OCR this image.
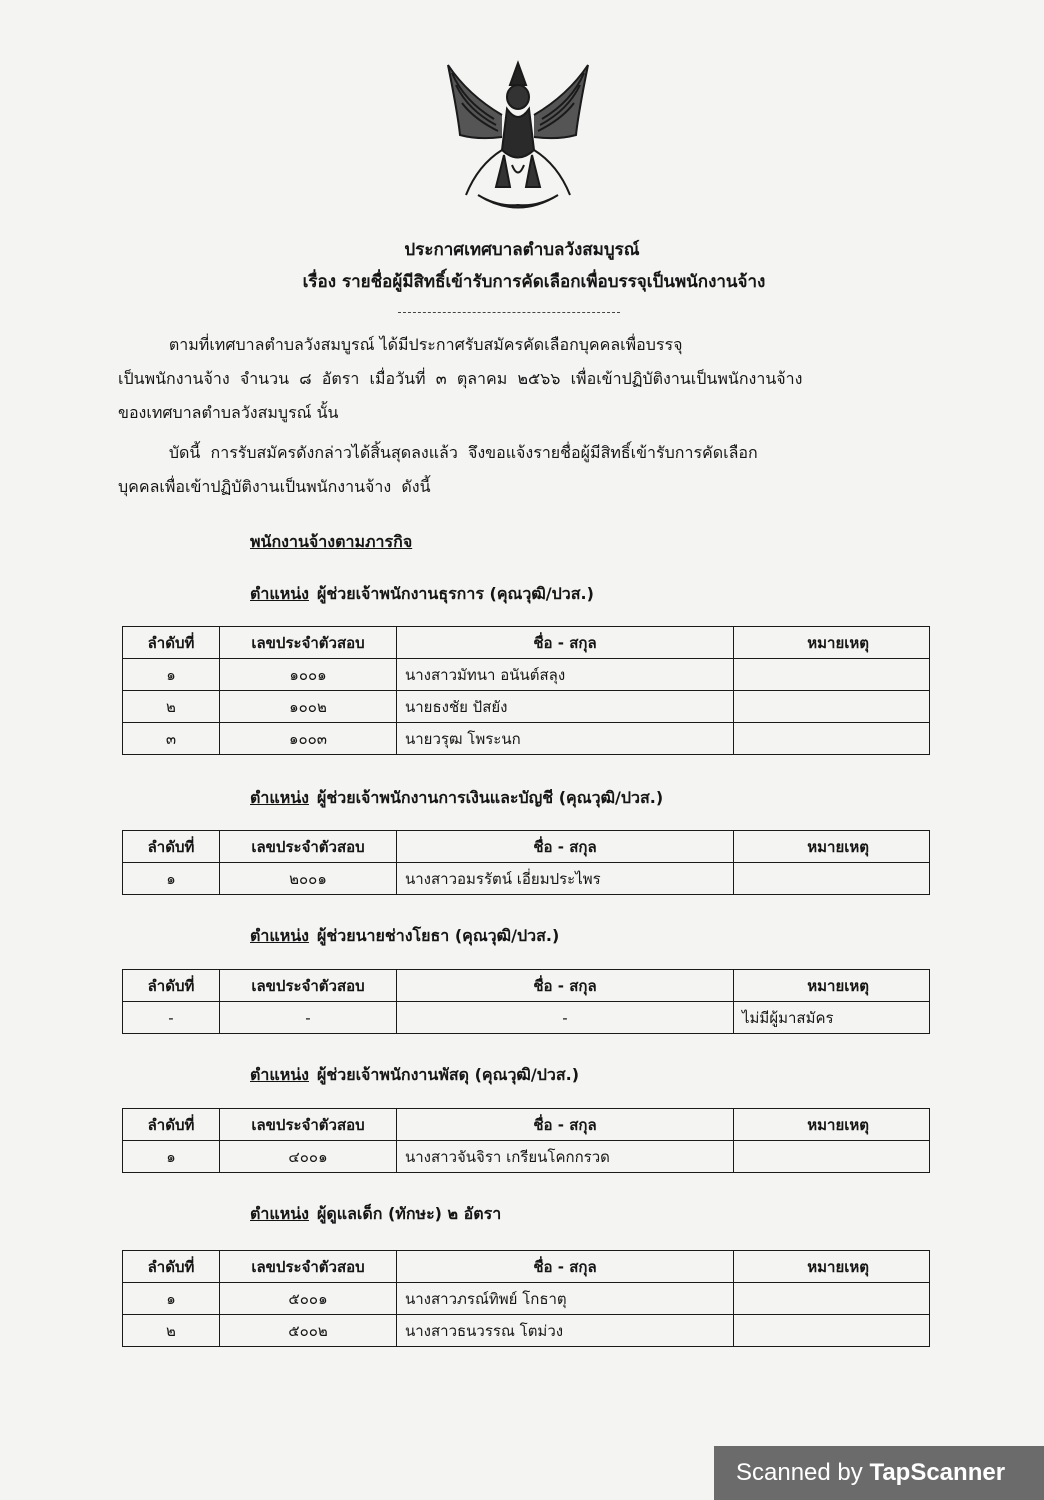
ประกาศเทศบาลตำบลวังสมบูรณ์
เรื่อง รายชื่อผู้มีสิทธิ์เข้ารับการคัดเลือกเพื่อบรรจุเป็นพนักงานจ้าง
ตามที่เทศบาลตำบลวังสมบูรณ์ ได้มีประกาศรับสมัครคัดเลือกบุคคลเพื่อบรรจุ
เป็นพนักงานจ้าง  จำนวน  ๘  อัตรา  เมื่อวันที่  ๓  ตุลาคม  ๒๕๖๖  เพื่อเข้าปฏิบัติงานเป็นพนักงานจ้าง
ของเทศบาลตำบลวังสมบูรณ์ นั้น
บัดนี้  การรับสมัครดังกล่าวได้สิ้นสุดลงแล้ว  จึงขอแจ้งรายชื่อผู้มีสิทธิ์เข้ารับการคัดเลือก
บุคคลเพื่อเข้าปฏิบัติงานเป็นพนักงานจ้าง  ดังนี้
พนักงานจ้างตามภารกิจ
ตำแหน่ง ผู้ช่วยเจ้าพนักงานธุรการ (คุณวุฒิ/ปวส.)
ลำดับที่	เลขประจำตัวสอบ	ชื่อ - สกุล	หมายเหตุ
๑	๑๐๐๑	นางสาวมัทนา อนันต์สลุง	
๒	๑๐๐๒	นายธงชัย ปัสยัง	
๓	๑๐๐๓	นายวรุฒ โพระนก	
ตำแหน่ง ผู้ช่วยเจ้าพนักงานการเงินและบัญชี (คุณวุฒิ/ปวส.)
ลำดับที่	เลขประจำตัวสอบ	ชื่อ - สกุล	หมายเหตุ
๑	๒๐๐๑	นางสาวอมรรัตน์ เอี่ยมประไพร	
ตำแหน่ง ผู้ช่วยนายช่างโยธา (คุณวุฒิ/ปวส.)
ลำดับที่	เลขประจำตัวสอบ	ชื่อ - สกุล	หมายเหตุ
-	-	-	ไม่มีผู้มาสมัคร
ตำแหน่ง ผู้ช่วยเจ้าพนักงานพัสดุ (คุณวุฒิ/ปวส.)
ลำดับที่	เลขประจำตัวสอบ	ชื่อ - สกุล	หมายเหตุ
๑	๔๐๐๑	นางสาวจันจิรา เกรียนโคกกรวด	
ตำแหน่ง ผู้ดูแลเด็ก (ทักษะ) ๒ อัตรา
ลำดับที่	เลขประจำตัวสอบ	ชื่อ - สกุล	หมายเหตุ
๑	๕๐๐๑	นางสาวภรณ์ทิพย์ โกธาตุ	
๒	๕๐๐๒	นางสาวธนวรรณ โตม่วง	
Scanned by TapScanner
